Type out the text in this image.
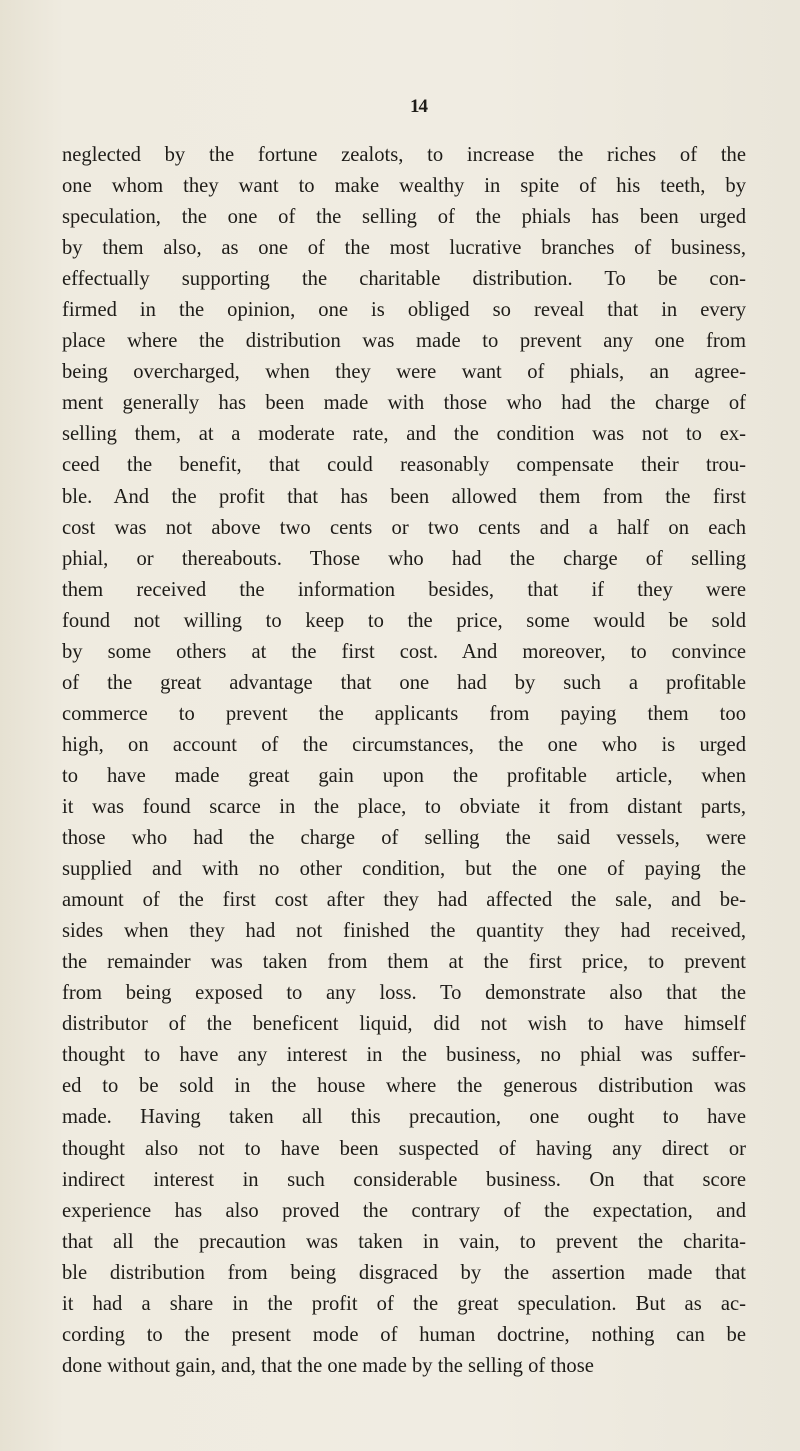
14
neglected by the fortune zealots, to increase the riches of the
one whom they want to make wealthy in spite of his teeth, by
speculation, the one of the selling of the phials has been urged
by them also, as one of the most lucrative branches of business,
effectually supporting the charitable distribution. To be con-
firmed in the opinion, one is obliged so reveal that in every
place where the distribution was made to prevent any one from
being overcharged, when they were want of phials, an agree-
ment generally has been made with those who had the charge of
selling them, at a moderate rate, and the condition was not to ex-
ceed the benefit, that could reasonably compensate their trou-
ble. And the profit that has been allowed them from the first
cost was not above two cents or two cents and a half on each
phial, or thereabouts. Those who had the charge of selling
them received the information besides, that if they were
found not willing to keep to the price, some would be sold
by some others at the first cost. And moreover, to convince
of the great advantage that one had by such a profitable
commerce to prevent the applicants from paying them too
high, on account of the circumstances, the one who is urged
to have made great gain upon the profitable article, when
it was found scarce in the place, to obviate it from distant parts,
those who had the charge of selling the said vessels, were
supplied and with no other condition, but the one of paying the
amount of the first cost after they had affected the sale, and be-
sides when they had not finished the quantity they had received,
the remainder was taken from them at the first price, to prevent
from being exposed to any loss. To demonstrate also that the
distributor of the beneficent liquid, did not wish to have himself
thought to have any interest in the business, no phial was suffer-
ed to be sold in the house where the generous distribution was
made. Having taken all this precaution, one ought to have
thought also not to have been suspected of having any direct or
indirect interest in such considerable business. On that score
experience has also proved the contrary of the expectation, and
that all the precaution was taken in vain, to prevent the charita-
ble distribution from being disgraced by the assertion made that
it had a share in the profit of the great speculation. But as ac-
cording to the present mode of human doctrine, nothing can be
done without gain, and, that the one made by the selling of those
